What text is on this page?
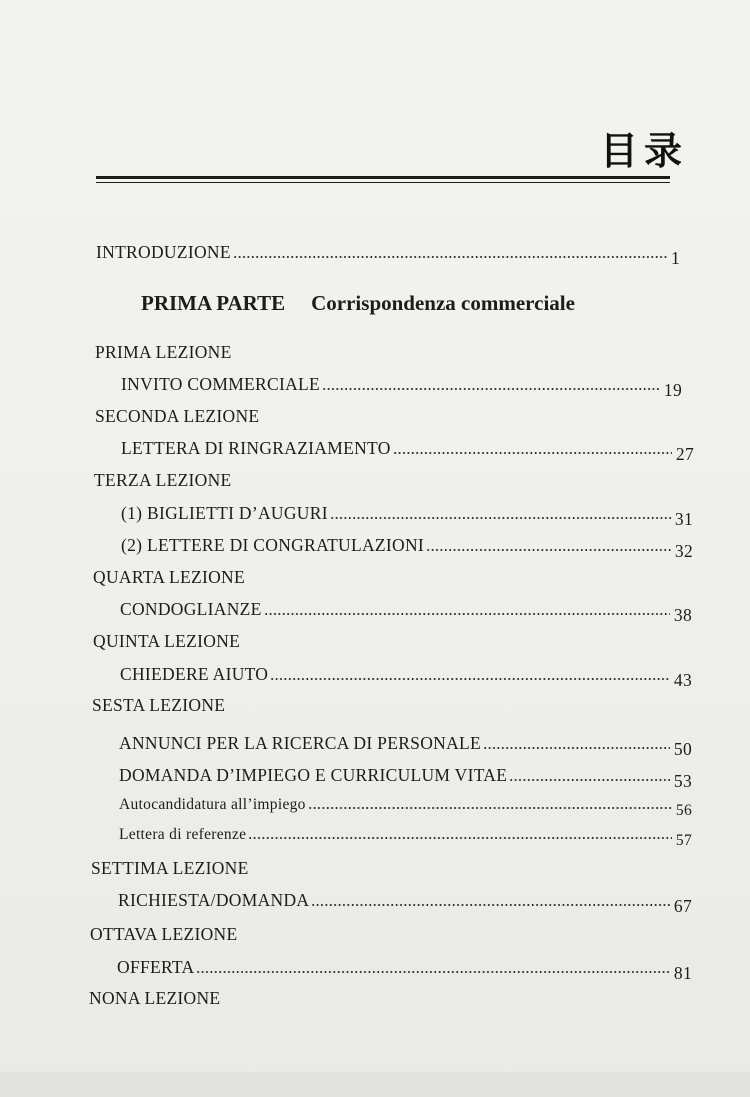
目录
INTRODUZIONE	1
PRIMA PARTE Corrispondenza commerciale
PRIMA LEZIONE
INVITO COMMERCIALE	19
SECONDA LEZIONE
LETTERA DI RINGRAZIAMENTO	27
TERZA LEZIONE
(1) BIGLIETTI D’AUGURI	31
(2) LETTERE DI CONGRATULAZIONI	32
QUARTA LEZIONE
CONDOGLIANZE	38
QUINTA LEZIONE
CHIEDERE AIUTO	43
SESTA LEZIONE
ANNUNCI PER LA RICERCA DI PERSONALE	50
DOMANDA D’IMPIEGO E CURRICULUM VITAE	53
Autocandidatura all’impiego	56
Lettera di referenze	57
SETTIMA LEZIONE
RICHIESTA/DOMANDA	67
OTTAVA LEZIONE
OFFERTA	81
NONA LEZIONE
